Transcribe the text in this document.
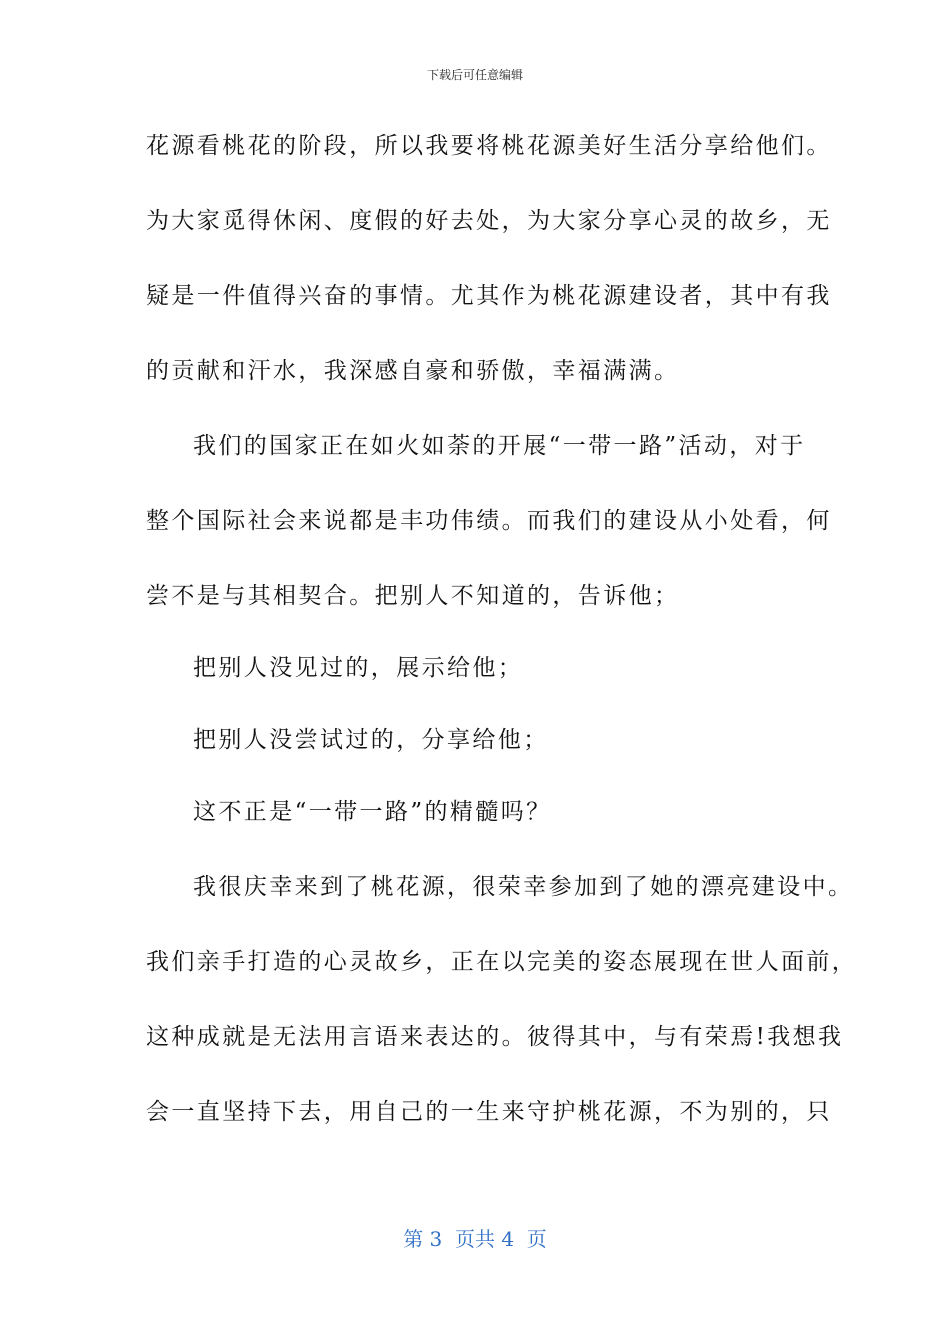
下载后可任意编辑
花源看桃花的阶段，所以我要将桃花源美好生活分享给他们。
为大家觅得休闲、度假的好去处，为大家分享心灵的故乡，无
疑是一件值得兴奋的事情。尤其作为桃花源建设者，其中有我
的贡献和汗水，我深感自豪和骄傲，幸福满满。
我们的国家正在如火如荼的开展“一带一路”活动，对于
整个国际社会来说都是丰功伟绩。而我们的建设从小处看，何
尝不是与其相契合。把别人不知道的，告诉他；
把别人没见过的，展示给他；
把别人没尝试过的，分享给他；
这不正是“一带一路”的精髓吗？
我很庆幸来到了桃花源，很荣幸参加到了她的漂亮建设中。
我们亲手打造的心灵故乡，正在以完美的姿态展现在世人面前，
这种成就是无法用言语来表达的。彼得其中，与有荣焉!我想我
会一直坚持下去，用自己的一生来守护桃花源，不为别的，只
第 3  页共 4  页
